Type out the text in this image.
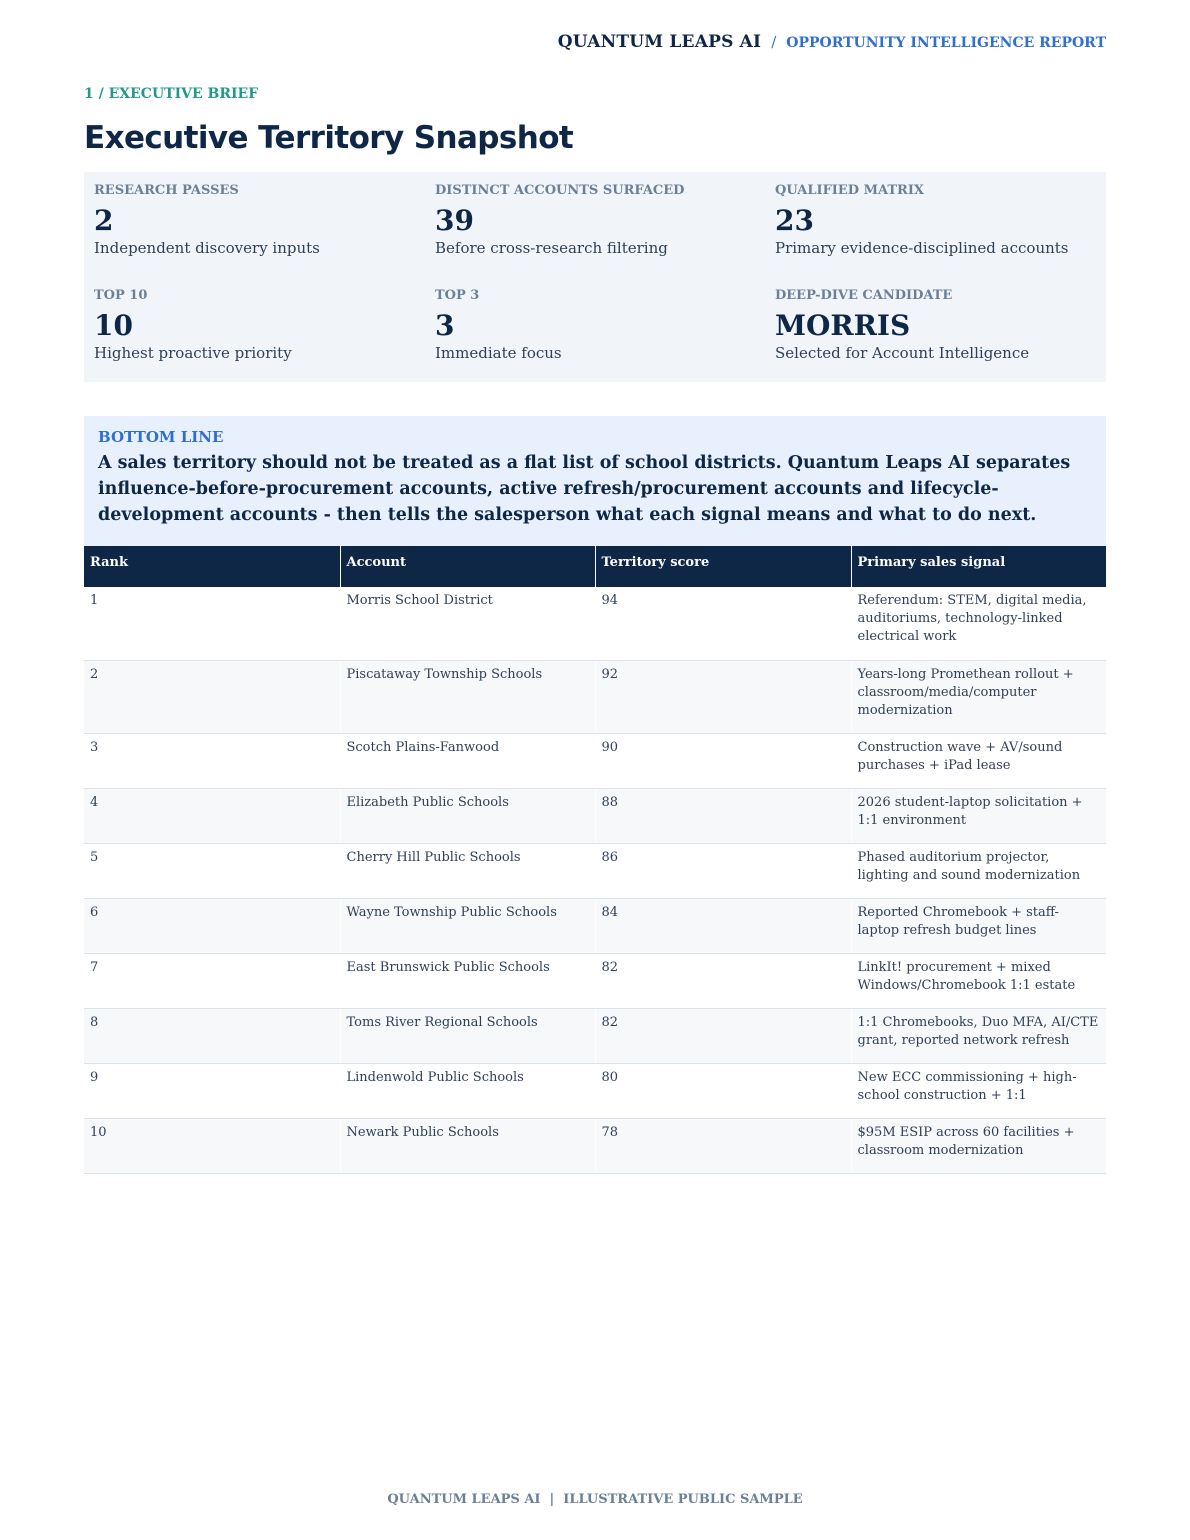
QUANTUM LEAPS AI / OPPORTUNITY INTELLIGENCE REPORT
1 / EXECUTIVE BRIEF
Executive Territory Snapshot
RESEARCH PASSES
2
Independent discovery inputs
DISTINCT ACCOUNTS SURFACED
39
Before cross-research filtering
QUALIFIED MATRIX
23
Primary evidence-disciplined accounts
TOP 10
10
Highest proactive priority
TOP 3
3
Immediate focus
DEEP-DIVE CANDIDATE
MORRIS
Selected for Account Intelligence
BOTTOM LINE
A sales territory should not be treated as a flat list of school districts. Quantum Leaps AI separates influence-before-procurement accounts, active refresh/procurement accounts and lifecycle-development accounts - then tells the salesperson what each signal means and what to do next.
Rank	Account	Territory score	Primary sales signal
1	Morris School District	94	Referendum: STEM, digital media, auditoriums, technology-linked electrical work
2	Piscataway Township Schools	92	Years-long Promethean rollout + classroom/media/computer modernization
3	Scotch Plains-Fanwood	90	Construction wave + AV/sound purchases + iPad lease
4	Elizabeth Public Schools	88	2026 student-laptop solicitation + 1:1 environment
5	Cherry Hill Public Schools	86	Phased auditorium projector, lighting and sound modernization
6	Wayne Township Public Schools	84	Reported Chromebook + staff-laptop refresh budget lines
7	East Brunswick Public Schools	82	LinkIt! procurement + mixed Windows/Chromebook 1:1 estate
8	Toms River Regional Schools	82	1:1 Chromebooks, Duo MFA, AI/CTE grant, reported network refresh
9	Lindenwold Public Schools	80	New ECC commissioning + high-school construction + 1:1
10	Newark Public Schools	78	$95M ESIP across 60 facilities + classroom modernization
QUANTUM LEAPS AI | ILLUSTRATIVE PUBLIC SAMPLE
